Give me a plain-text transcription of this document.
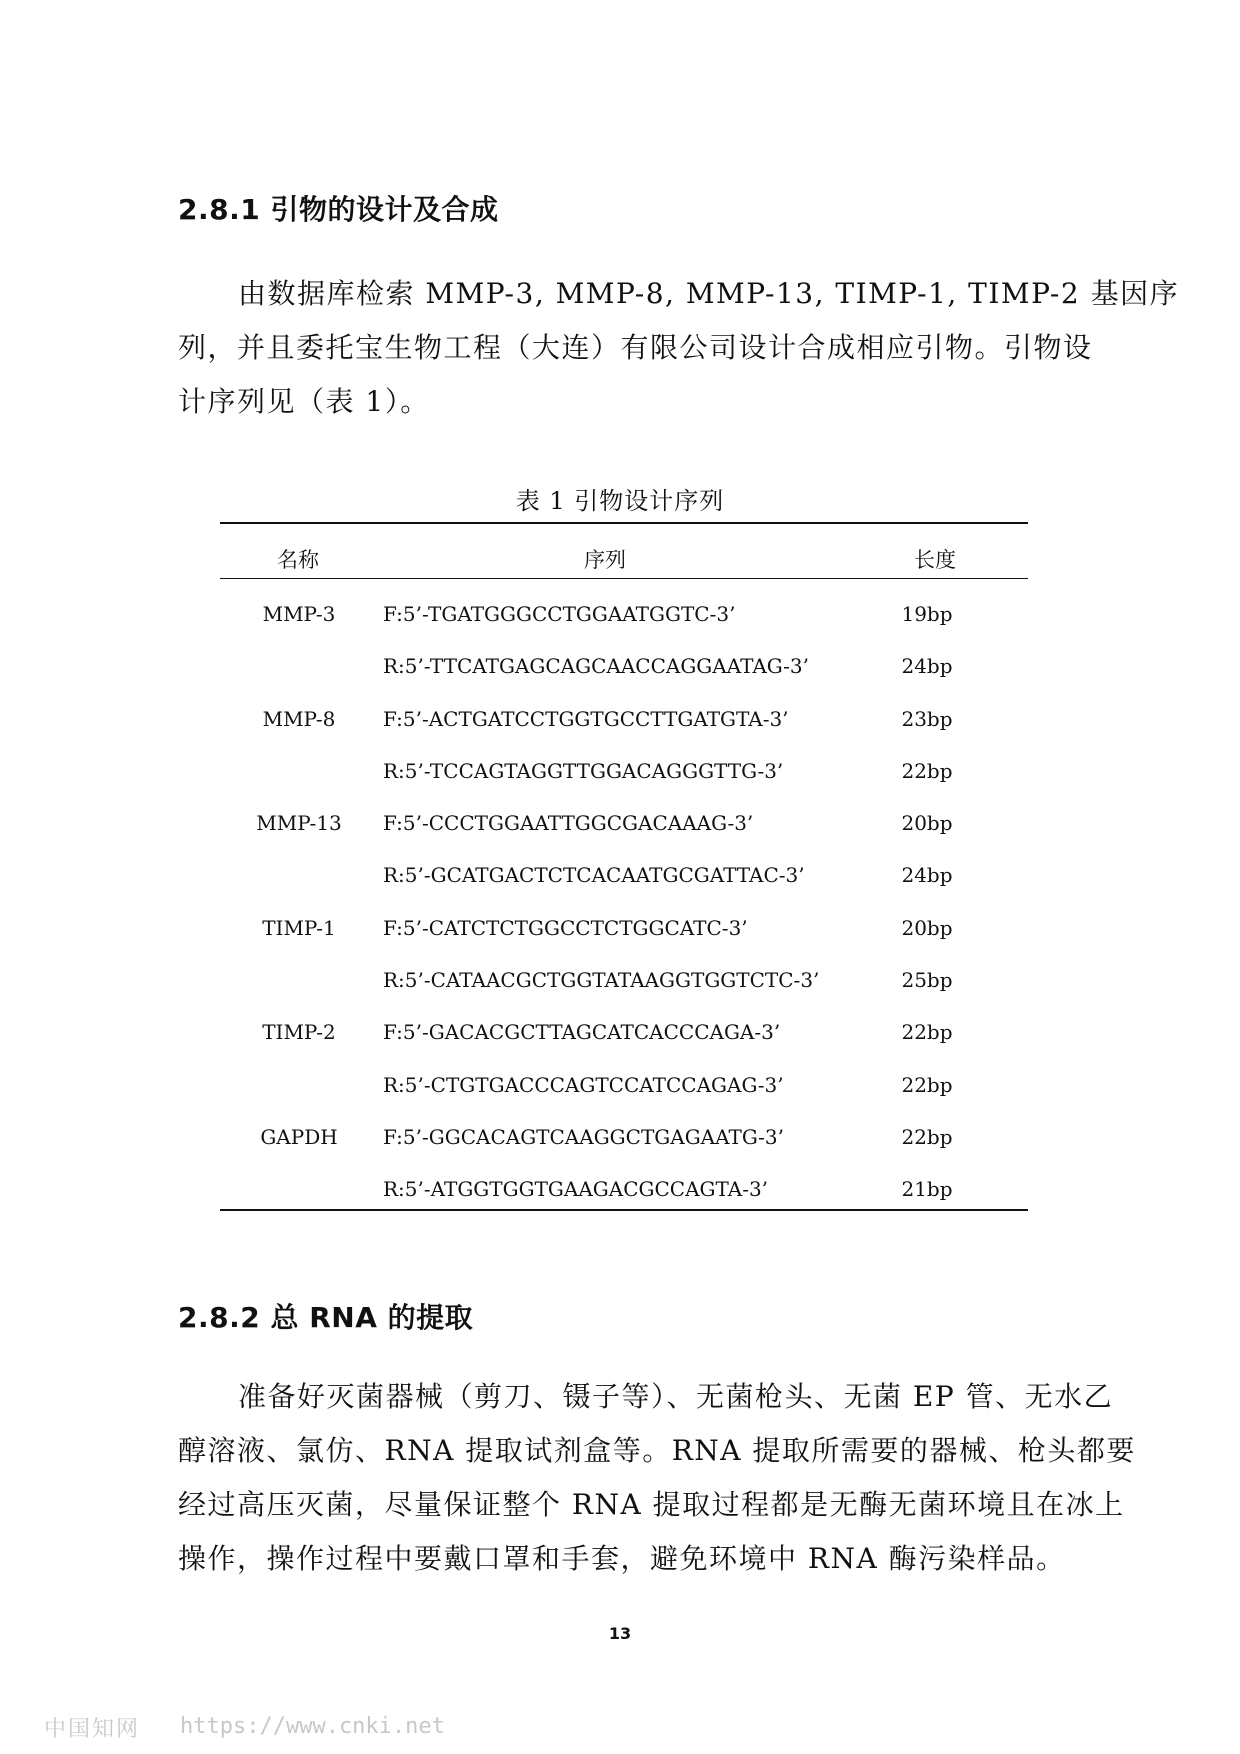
2.8.1 引物的设计及合成
由数据库检索 MMP-3, MMP-8, MMP-13, TIMP-1, TIMP-2 基因序
列，并且委托宝生物工程（大连）有限公司设计合成相应引物。引物设
计序列见（表 1）。
表 1 引物设计序列
名称	序列	长度
MMP-3	F:5’-TGATGGGCCTGGAATGGTC-3’	19bp
R:5’-TTCATGAGCAGCAACCAGGAATAG-3’	24bp
MMP-8	F:5’-ACTGATCCTGGTGCCTTGATGTA-3’	23bp
R:5’-TCCAGTAGGTTGGACAGGGTTG-3’	22bp
MMP-13	F:5’-CCCTGGAATTGGCGACAAAG-3’	20bp
R:5’-GCATGACTCTCACAATGCGATTAC-3’	24bp
TIMP-1	F:5’-CATCTCTGGCCTCTGGCATC-3’	20bp
R:5’-CATAACGCTGGTATAAGGTGGTCTC-3’	25bp
TIMP-2	F:5’-GACACGCTTAGCATCACCCAGA-3’	22bp
R:5’-CTGTGACCCAGTCCATCCAGAG-3’	22bp
GAPDH	F:5’-GGCACAGTCAAGGCTGAGAATG-3’	22bp
R:5’-ATGGTGGTGAAGACGCCAGTA-3’	21bp
2.8.2 总 RNA 的提取
准备好灭菌器械（剪刀、镊子等）、无菌枪头、无菌 EP 管、无水乙
醇溶液、氯仿、RNA 提取试剂盒等。RNA 提取所需要的器械、枪头都要
经过高压灭菌，尽量保证整个 RNA 提取过程都是无酶无菌环境且在冰上
操作，操作过程中要戴口罩和手套，避免环境中 RNA 酶污染样品。
13
中国知网 https://www.cnki.net
